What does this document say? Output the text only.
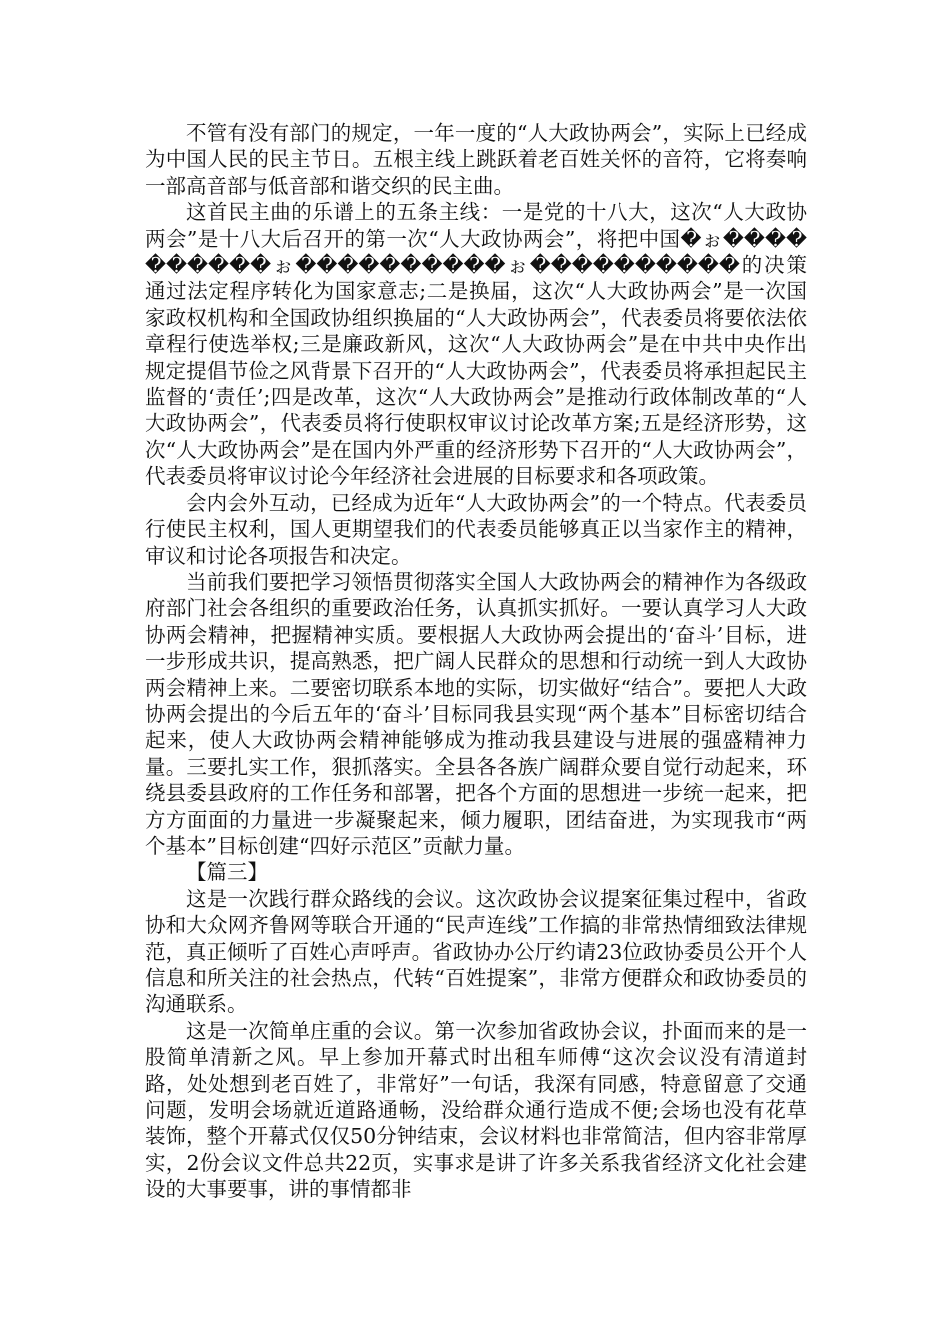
不管有没有部门的规定，一年一度的“人大政协两会”，实际上已经成为中国人民的民主节日。五根主线上跳跃着老百姓关怀的音符，它将奏响一部高音部与低音部和谐交织的民主曲。

这首民主曲的乐谱上的五条主线：一是党的十八大，这次“人大政协两会”是十八大后召开的第一次“人大政协两会”，将把中国�ぉ����������ぉ����������ぉ����������的决策通过法定程序转化为国家意志;二是换届，这次“人大政协两会”是一次国家政权机构和全国政协组织换届的“人大政协两会”，代表委员将要依法依章程行使选举权;三是廉政新风，这次“人大政协两会”是在中共中央作出规定提倡节俭之风背景下召开的“人大政协两会”，代表委员将承担起民主监督的‘责任’;四是改革，这次“人大政协两会”是推动行政体制改革的“人大政协两会”，代表委员将行使职权审议讨论改革方案;五是经济形势，这次“人大政协两会”是在国内外严重的经济形势下召开的“人大政协两会”，代表委员将审议讨论今年经济社会进展的目标要求和各项政策。

会内会外互动，已经成为近年“人大政协两会”的一个特点。代表委员行使民主权利，国人更期望我们的代表委员能够真正以当家作主的精神，审议和讨论各项报告和决定。

当前我们要把学习领悟贯彻落实全国人大政协两会的精神作为各级政府部门社会各组织的重要政治任务，认真抓实抓好。一要认真学习人大政协两会精神，把握精神实质。要根据人大政协两会提出的‘奋斗’目标，进一步形成共识，提高熟悉，把广阔人民群众的思想和行动统一到人大政协两会精神上来。二要密切联系本地的实际，切实做好“结合”。要把人大政协两会提出的今后五年的‘奋斗’目标同我县实现“两个基本”目标密切结合起来，使人大政协两会精神能够成为推动我县建设与进展的强盛精神力量。三要扎实工作，狠抓落实。全县各各族广阔群众要自觉行动起来，环绕县委县政府的工作任务和部署，把各个方面的思想进一步统一起来，把方方面面的力量进一步凝聚起来，倾力履职，团结奋进，为实现我市“两个基本”目标创建“四好示范区”贡献力量。

【篇三】

这是一次践行群众路线的会议。这次政协会议提案征集过程中，省政协和大众网齐鲁网等联合开通的“民声连线”工作搞的非常热情细致法律规范，真正倾听了百姓心声呼声。省政协办公厅约请23位政协委员公开个人信息和所关注的社会热点，代转“百姓提案”，非常方便群众和政协委员的沟通联系。

这是一次简单庄重的会议。第一次参加省政协会议，扑面而来的是一股简单清新之风。早上参加开幕式时出租车师傅“这次会议没有清道封路，处处想到老百姓了，非常好”一句话，我深有同感，特意留意了交通问题，发明会场就近道路通畅，没给群众通行造成不便;会场也没有花草装饰，整个开幕式仅仅50分钟结束，会议材料也非常简洁，但内容非常厚实，2份会议文件总共22页，实事求是讲了许多关系我省经济文化社会建设的大事要事，讲的事情都非
